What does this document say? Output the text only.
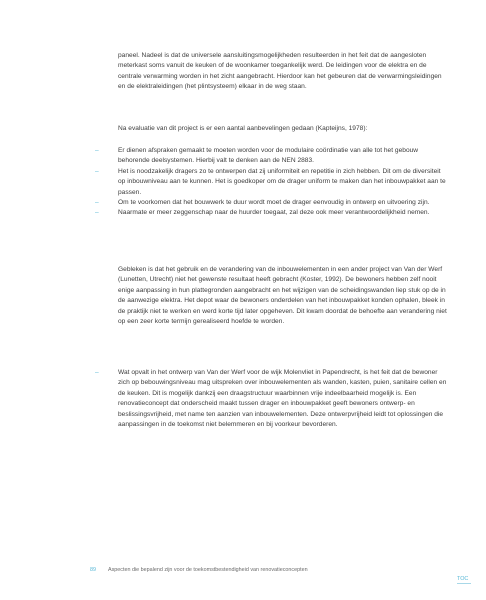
paneel. Nadeel is dat de universele aansluitingsmogelijkheden resulteerden in het feit dat de aangesloten meterkast soms vanuit de keuken of de woonkamer toegankelijk werd. De leidingen voor de elektra en de centrale verwarming worden in het zicht aangebracht. Hierdoor kan het gebeuren dat de verwarmingsleidingen en de elektraleidingen (het plintsysteem) elkaar in de weg staan.

Na evaluatie van dit project is er een aantal aanbevelingen gedaan (Kapteijns, 1978):

–	Er dienen afspraken gemaakt te moeten worden voor de modulaire coördinatie van alle tot het gebouw behorende deelsystemen. Hierbij valt te denken aan de NEN 2883.

–	Het is noodzakelijk dragers zo te ontwerpen dat zij uniformiteit en repetitie in zich hebben. Dit om de diversiteit op inbouwniveau aan te kunnen. Het is goedkoper om de drager uniform te maken dan het inbouwpakket aan te passen.

–	Om te voorkomen dat het bouwwerk te duur wordt moet de drager eenvoudig in ontwerp en uitvoering zijn.

–	Naarmate er meer zeggenschap naar de huurder toegaat, zal deze ook meer verantwoordelijkheid nemen.

Gebleken is dat het gebruik en de verandering van de inbouwelementen in een ander project van Van der Werf (Lunetten, Utrecht) niet het gewenste resultaat heeft gebracht (Koster, 1992). De bewoners hebben zelf nooit enige aanpassing in hun plattegronden aangebracht en het wijzigen van de scheidingswanden liep stuk op de in de aanwezige elektra. Het depot waar de bewoners onderdelen van het inbouwpakket konden ophalen, bleek in de praktijk niet te werken en werd korte tijd later opgeheven. Dit kwam doordat de behoefte aan verandering niet op een zeer korte termijn gerealiseerd hoefde te worden.

–	Wat opvalt in het ontwerp van Van der Werf voor de wijk Molenvliet in Papendrecht, is het feit dat de bewoner zich op bebouwingsniveau mag uitspreken over inbouwelementen als wanden, kasten, puien, sanitaire cellen en de keuken. Dit is mogelijk dankzij een draagstructuur waarbinnen vrije indeelbaarheid mogelijk is. Een renovatieconcept dat onderscheid maakt tussen drager en inbouwpakket geeft bewoners ontwerp- en beslissingsvrijheid, met name ten aanzien van inbouwelementen. Deze ontwerpvrijheid leidt tot oplossingen die aanpassingen in de toekomst niet belemmeren en bij voorkeur bevorderen.

89 Aspecten die bepalend zijn voor de toekomstbestendigheid van renovatieconcepten
TOC
